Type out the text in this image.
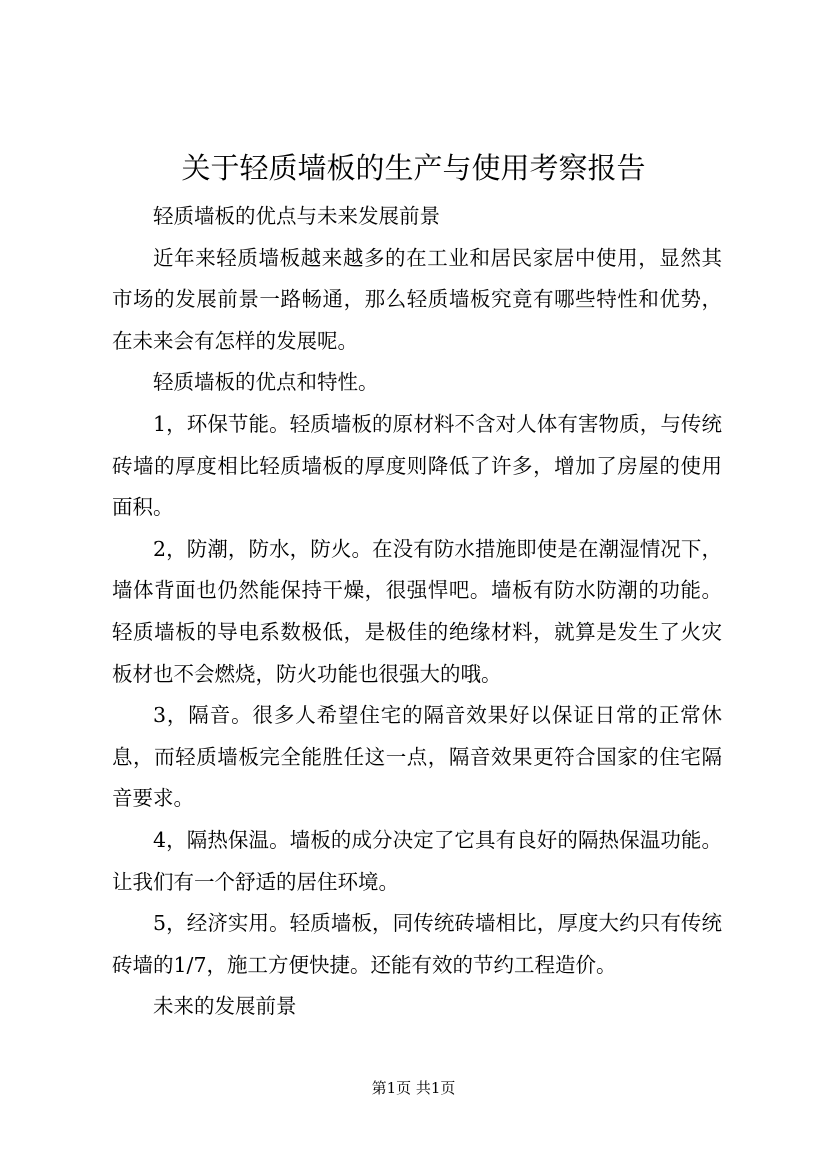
关于轻质墙板的生产与使用考察报告

轻质墙板的优点与未来发展前景

近年来轻质墙板越来越多的在工业和居民家居中使用，显然其市场的发展前景一路畅通，那么轻质墙板究竟有哪些特性和优势，在未来会有怎样的发展呢。

轻质墙板的优点和特性。

1，环保节能。轻质墙板的原材料不含对人体有害物质，与传统砖墙的厚度相比轻质墙板的厚度则降低了许多，增加了房屋的使用面积。

2，防潮，防水，防火。在没有防水措施即使是在潮湿情况下，墙体背面也仍然能保持干燥，很强悍吧。墙板有防水防潮的功能。轻质墙板的导电系数极低，是极佳的绝缘材料，就算是发生了火灾板材也不会燃烧，防火功能也很强大的哦。

3，隔音。很多人希望住宅的隔音效果好以保证日常的正常休息，而轻质墙板完全能胜任这一点，隔音效果更符合国家的住宅隔音要求。

4，隔热保温。墙板的成分决定了它具有良好的隔热保温功能。让我们有一个舒适的居住环境。

5，经济实用。轻质墙板，同传统砖墙相比，厚度大约只有传统砖墙的1/7，施工方便快捷。还能有效的节约工程造价。

未来的发展前景

第1页 共1页
